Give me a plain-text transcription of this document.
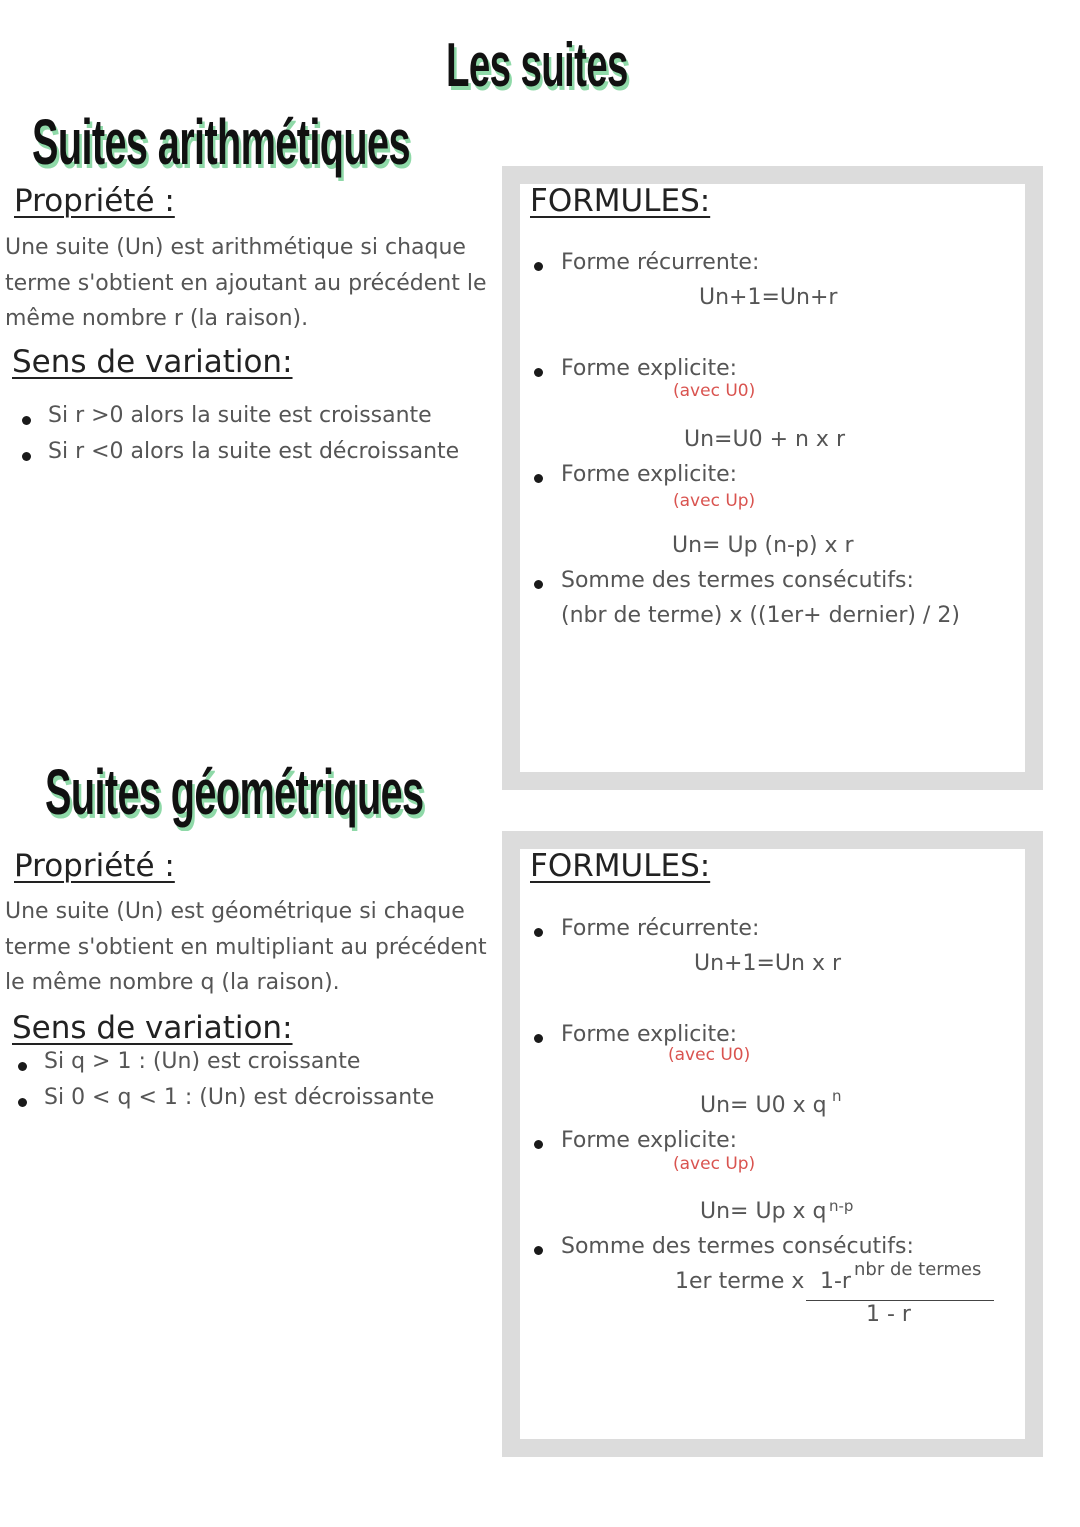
Les suites
Suites arithmétiques
Propriété :
Une suite (Un) est arithmétique si chaque terme s'obtient en ajoutant au précédent le même nombre r (la raison).
Sens de variation:
Si r >0 alors la suite est croissante
Si r <0 alors la suite est décroissante
FORMULES:
Forme récurrente:
Un+1=Un+r
Forme explicite:
(avec U0)
Un=U0 + n x r
Forme explicite:
(avec Up)
Un= Up (n-p) x r
Somme des termes consécutifs:
(nbr de terme) x ((1er+ dernier) / 2)
Suites géométriques
Propriété :
Une suite (Un) est géométrique si chaque terme s'obtient en multipliant au précédent le même nombre q (la raison).
Sens de variation:
Si q > 1 : (Un) est croissante
Si 0 < q < 1 : (Un) est décroissante
FORMULES:
Forme récurrente:
Un+1=Un x r
Forme explicite:
(avec U0)
Un= U0 x q n
Forme explicite:
(avec Up)
Un= Up x q n-p
Somme des termes consécutifs:
1er terme x 1-r nbr de termes
1 - r
